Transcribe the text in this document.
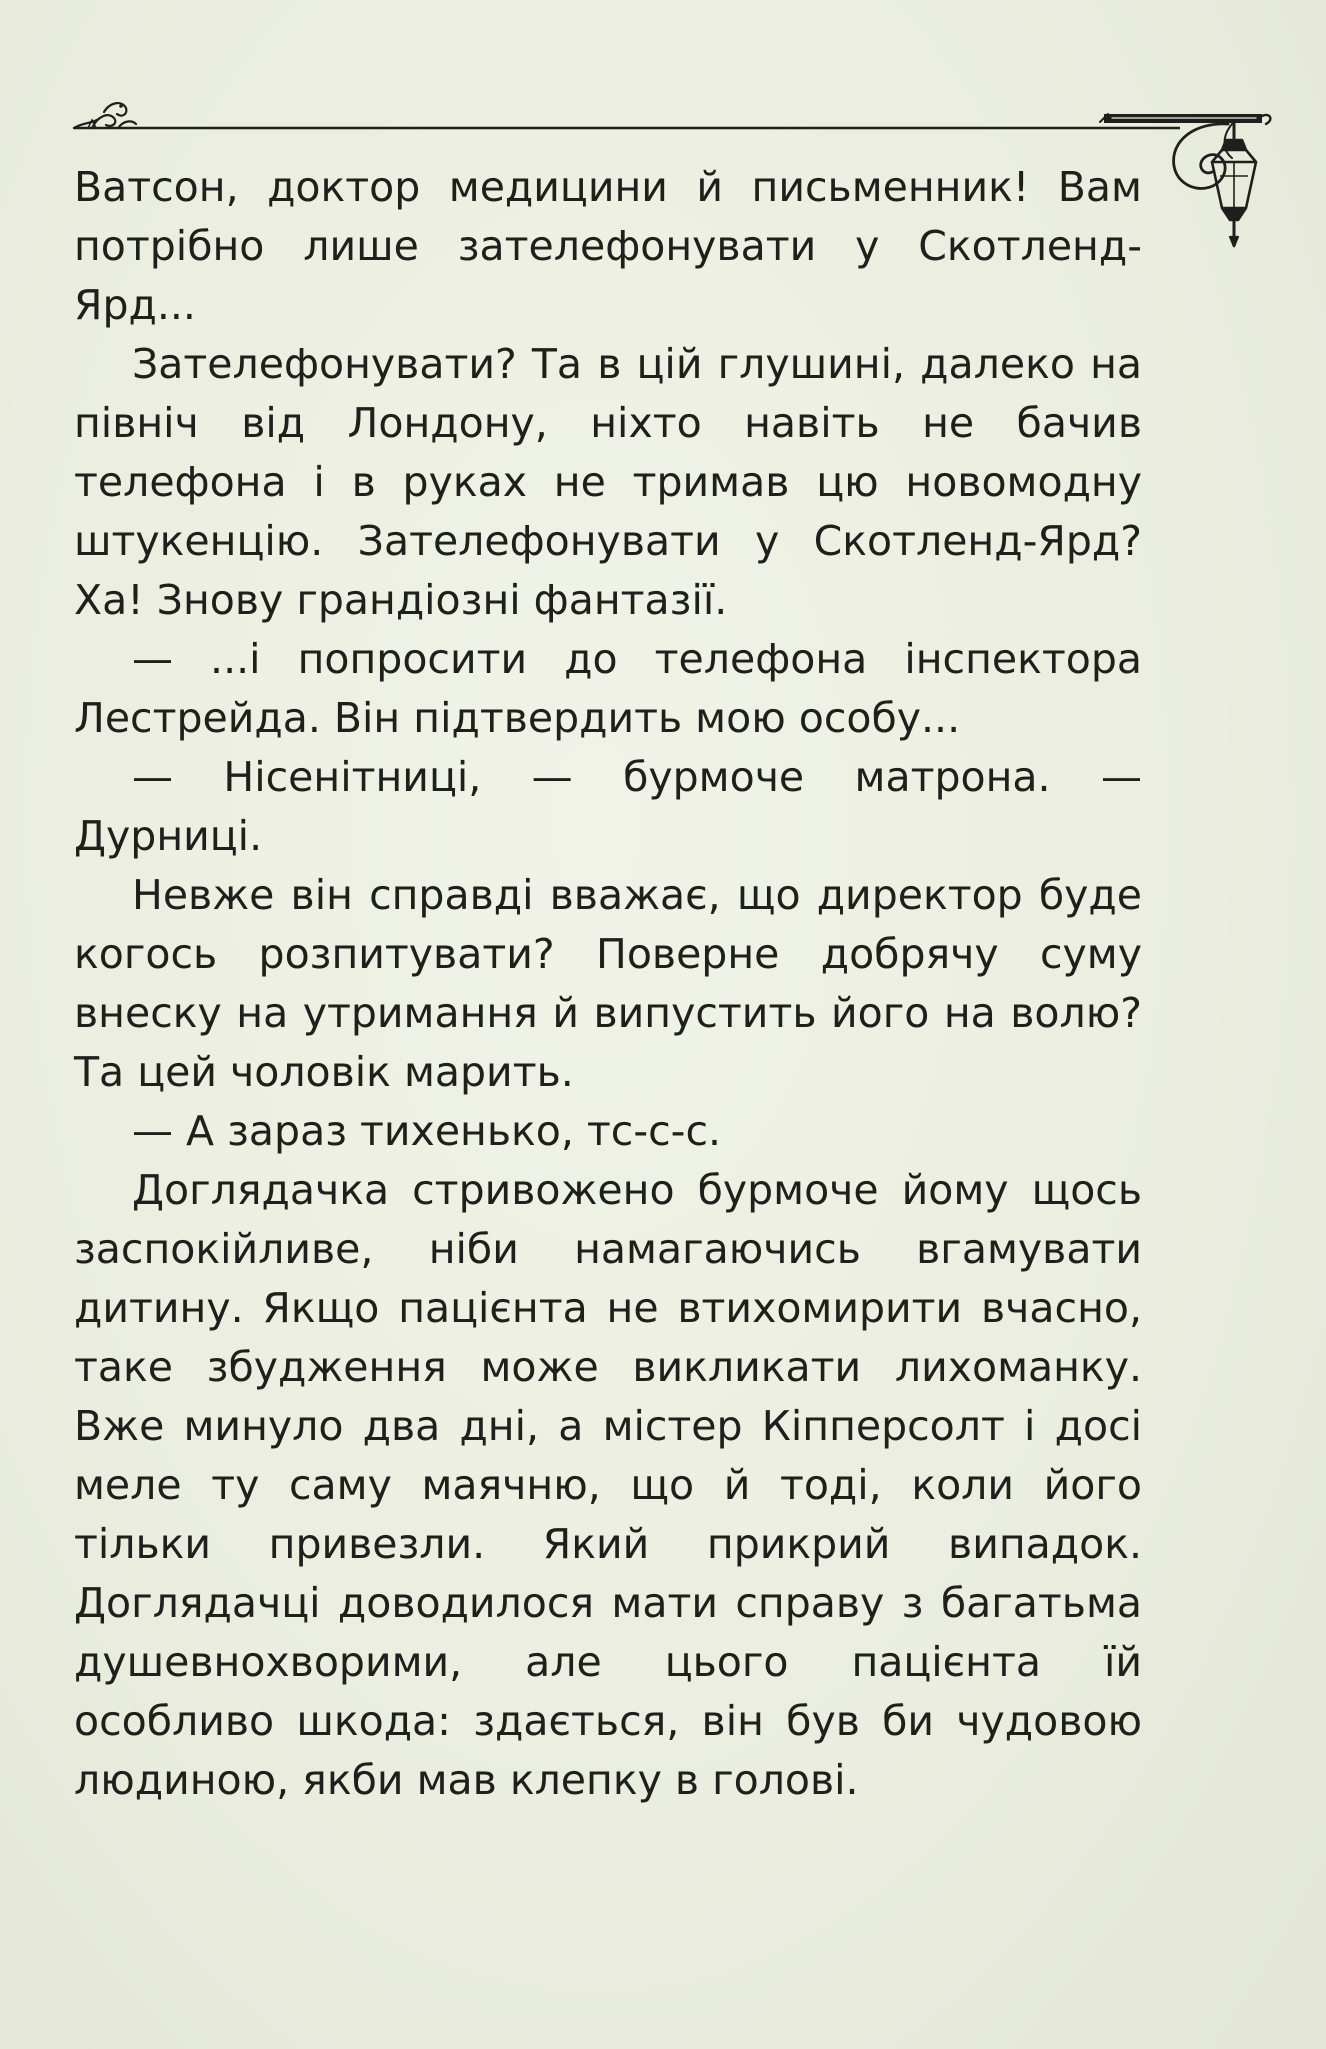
Ватсон, доктор медицини й письменник! Вам потрібно лише зателефонувати у Скотленд-Ярд...

Зателефонувати? Та в цій глушині, далеко на північ від Лондону, ніхто навіть не бачив телефона і в руках не тримав цю новомодну штукенцію. Зателефонувати у Скотленд-Ярд? Ха! Знову грандіозні фантазії.

— ...і попросити до телефона інспектора Лестрейда. Він підтвердить мою особу...

— Нісенітниці, — бурмоче матрона. — Дурниці.

Невже він справді вважає, що директор буде когось розпитувати? Поверне добрячу суму внеску на утримання й випустить його на волю? Та цей чоловік марить.

— А зараз тихенько, тс-с-с.

Доглядачка стривожено бурмоче йому щось заспокійливе, ніби намагаючись вгамувати дитину. Якщо пацієнта не втихомирити вчасно, таке збудження може викликати лихоманку. Вже минуло два дні, а містер Кіпперсолт і досі меле ту саму маячню, що й тоді, коли його тільки привезли. Який прикрий випадок. Доглядачці доводилося мати справу з багатьма душевнохворими, але цього пацієнта їй особливо шкода: здається, він був би чудовою людиною, якби мав клепку в голові.
